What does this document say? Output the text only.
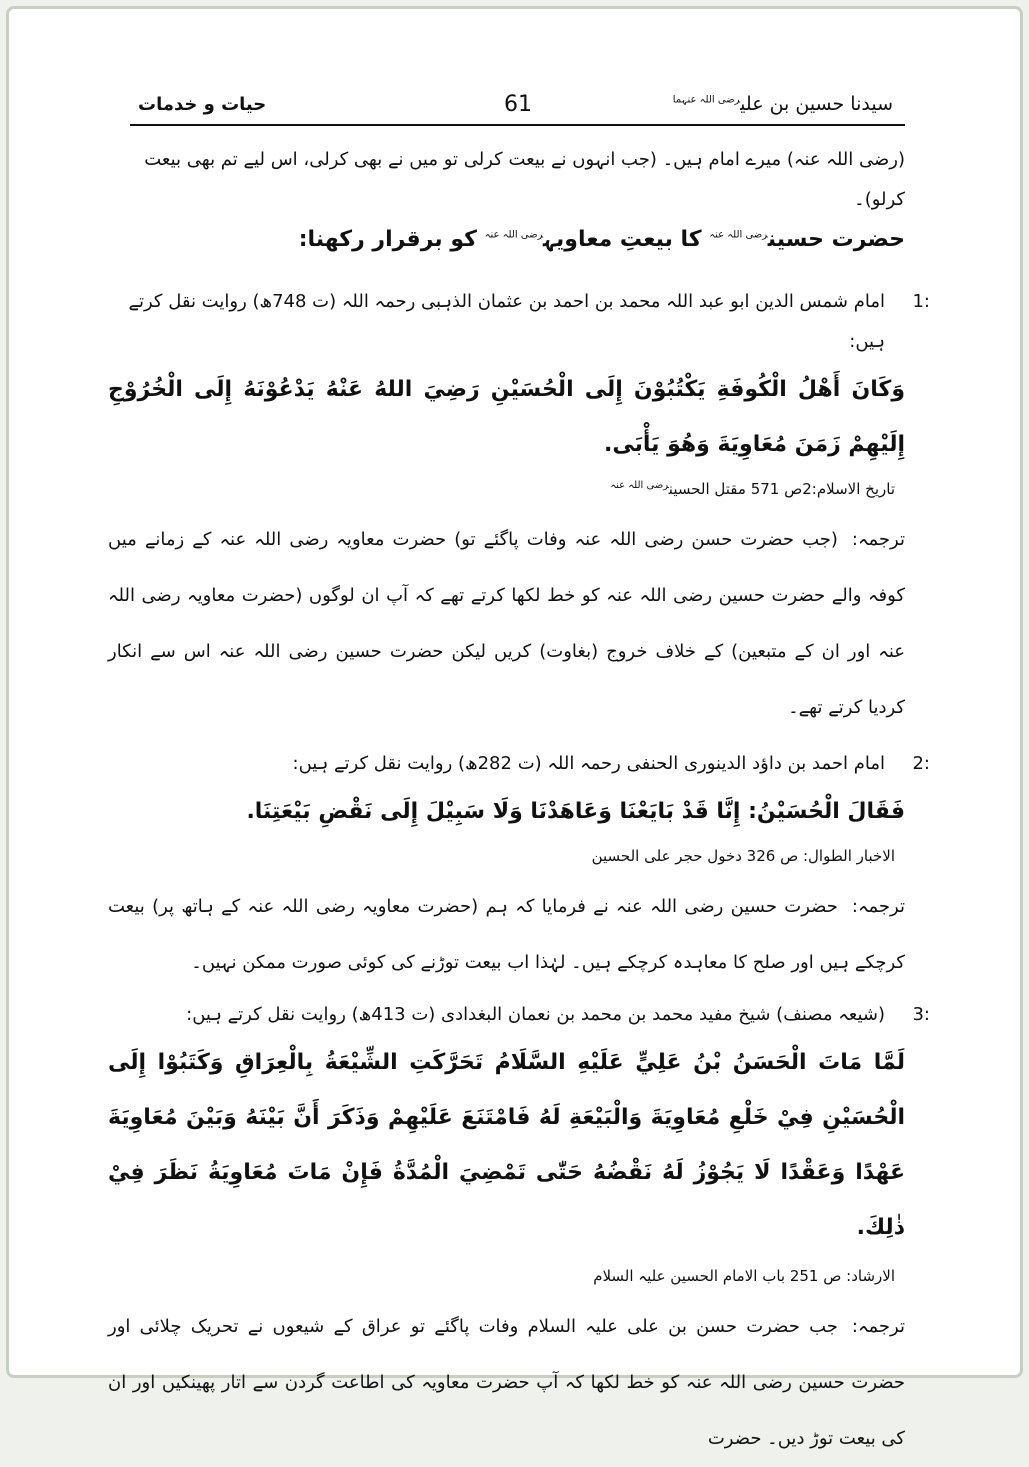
سیدنا حسین بن علی$^{رضی اللہ عنہما}$
61
حیات و خدمات

(رضی اللہ عنہ) میرے امام ہیں۔ (جب انہوں نے بیعت کرلی تو میں نے بھی کرلی، اس لیے تم بھی بیعت کرلو)۔

حضرت حسین$^{رضی اللہ عنہ}$ کا بیعتِ معاویہ$^{رضی اللہ عنہ}$ کو برقرار رکھنا:
1:
امام شمس الدین ابو عبد اللہ محمد بن احمد بن عثمان الذہبی رحمہ اللہ (ت 748ھ) روایت نقل کرتے ہیں:

وَكَانَ أَهْلُ الْكُوفَةِ يَكْتُبُوْنَ إِلَى الْحُسَيْنِ رَضِيَ اللهُ عَنْهُ يَدْعُوْنَهُ إِلَى الْخُرُوْجِ إِلَيْهِمْ زَمَنَ مُعَاوِيَةَ وَهُوَ يَأْبَى.

تاریخ الاسلام:2ص 571 مقتل الحسین$^{رضی اللہ عنہ}$

ترجمہ:(جب حضرت حسن رضی اللہ عنہ وفات پاگئے تو) حضرت معاویہ رضی اللہ عنہ کے زمانے میں کوفہ والے حضرت حسین رضی اللہ عنہ کو خط لکھا کرتے تھے کہ آپ ان لوگوں (حضرت معاویہ رضی اللہ عنہ اور ان کے متبعین) کے خلاف خروج (بغاوت) کریں لیکن حضرت حسین رضی اللہ عنہ اس سے انکار کردیا کرتے تھے۔

2:
امام احمد بن داؤد الدینوری الحنفی رحمہ اللہ (ت 282ھ) روایت نقل کرتے ہیں:

فَقَالَ الْحُسَيْنُ: إِنَّا قَدْ بَايَعْنَا وَعَاهَدْنَا وَلَا سَبِيْلَ إِلَى نَقْضِ بَيْعَتِنَا.

الاخبار الطوال: ص 326 دخول حجر علی الحسین

ترجمہ:حضرت حسین رضی اللہ عنہ نے فرمایا کہ ہم (حضرت معاویہ رضی اللہ عنہ کے ہاتھ پر) بیعت کرچکے ہیں اور صلح کا معاہدہ کرچکے ہیں۔ لہٰذا اب بیعت توڑنے کی کوئی صورت ممکن نہیں۔

3:
(شیعہ مصنف) شیخ مفید محمد بن محمد بن نعمان البغدادی (ت 413ھ) روایت نقل کرتے ہیں:

لَمَّا مَاتَ الْحَسَنُ بْنُ عَلِيٍّ عَلَيْهِ السَّلَامُ تَحَرَّكَتِ الشِّيْعَةُ بِالْعِرَاقِ وَكَتَبُوْا إِلَى الْحُسَيْنِ فِيْ خَلْعِ مُعَاوِيَةَ وَالْبَيْعَةِ لَهُ فَامْتَنَعَ عَلَيْهِمْ وَذَكَرَ أَنَّ بَيْنَهُ وَبَيْنَ مُعَاوِيَةَ عَهْدًا وَعَقْدًا لَا يَجُوْزُ لَهُ نَقْضُهُ حَتّٰى تَمْضِيَ الْمُدَّةُ فَإِنْ مَاتَ مُعَاوِيَةُ نَظَرَ فِيْ ذٰلِكَ.

الارشاد: ص 251 باب الامام الحسین علیہ السلام

ترجمہ:جب حضرت حسن بن علی علیہ السلام وفات پاگئے تو عراق کے شیعوں نے تحریک چلائی اور حضرت حسین رضی اللہ عنہ کو خط لکھا کہ آپ حضرت معاویہ کی اطاعت گردن سے اتار پھینکیں اور ان کی بیعت توڑ دیں۔ حضرت
